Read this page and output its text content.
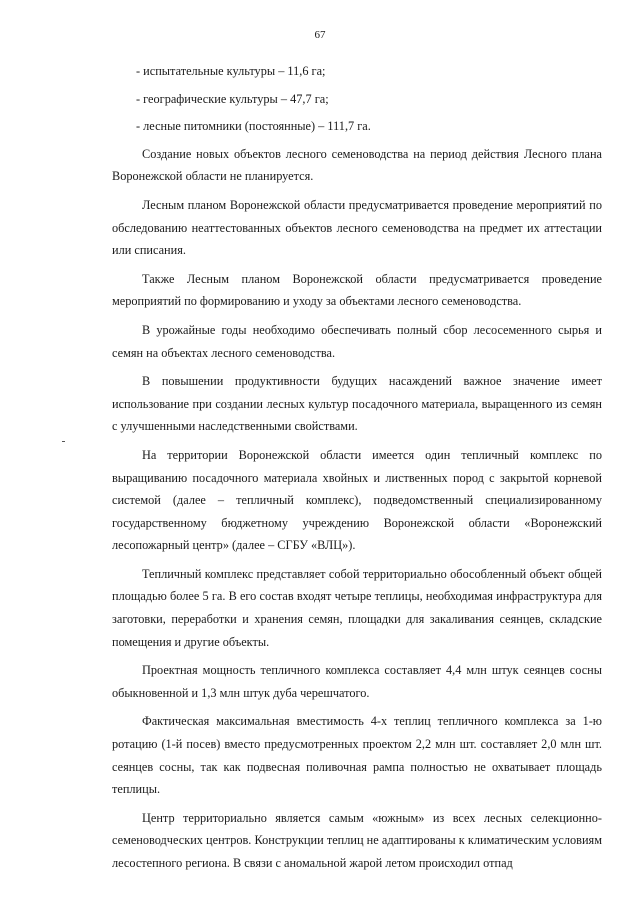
67

- испытательные культуры – 11,6 га;

- географические культуры – 47,7 га;

- лесные питомники (постоянные) – 111,7 га.

Создание новых объектов лесного семеноводства на период действия Лесного плана Воронежской области не планируется.

Лесным планом Воронежской области предусматривается проведение мероприятий по обследованию неаттестованных объектов лесного семеноводства на предмет их аттестации или списания.

Также Лесным планом Воронежской области предусматривается проведение мероприятий по формированию и уходу за объектами лесного семеноводства.

В урожайные годы необходимо обеспечивать полный сбор лесосеменного сырья и семян на объектах лесного семеноводства.

В повышении продуктивности будущих насаждений важное значение имеет использование при создании лесных культур посадочного материала, выращенного из семян с улучшенными наследственными свойствами.

На территории Воронежской области имеется один тепличный комплекс по выращиванию посадочного материала хвойных и лиственных пород с закрытой корневой системой (далее – тепличный комплекс), подведомственный специализированному государственному бюджетному учреждению Воронежской области «Воронежский лесопожарный центр» (далее – СГБУ «ВЛЦ»).

Тепличный комплекс представляет собой территориально обособленный объект общей площадью более 5 га. В его состав входят четыре теплицы, необходимая инфраструктура для заготовки, переработки и хранения семян, площадки для закаливания сеянцев, складские помещения и другие объекты.

Проектная мощность тепличного комплекса составляет 4,4 млн штук сеянцев сосны обыкновенной и 1,3 млн штук дуба черешчатого.

Фактическая максимальная вместимость 4-х теплиц тепличного комплекса за 1-ю ротацию (1-й посев) вместо предусмотренных проектом 2,2 млн шт. составляет 2,0 млн шт. сеянцев сосны, так как подвесная поливочная рампа полностью не охватывает площадь теплицы.

Центр территориально является самым «южным» из всех лесных селекционно-семеноводческих центров. Конструкции теплиц не адаптированы к климатическим условиям лесостепного региона. В связи с аномальной жарой летом происходил отпад
